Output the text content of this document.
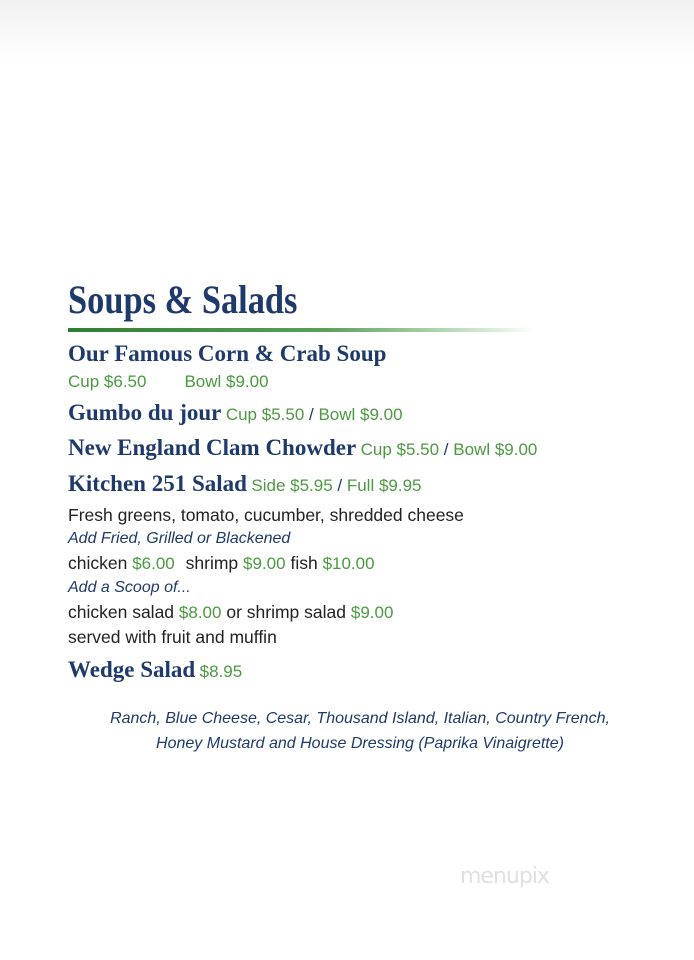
Soups & Salads
Our Famous Corn & Crab Soup
Cup $6.50 Bowl $9.00
Gumbo du jour Cup $5.50 / Bowl $9.00
New England Clam Chowder Cup $5.50 / Bowl $9.00
Kitchen 251 Salad Side $5.95 / Full $9.95
Fresh greens, tomato, cucumber, shredded cheese
Add Fried, Grilled or Blackened
chicken $6.00 shrimp $9.00 fish $10.00
Add a Scoop of...
chicken salad $8.00 or shrimp salad $9.00
served with fruit and muffin
Wedge Salad $8.95
Ranch, Blue Cheese, Cesar, Thousand Island, Italian, Country French,
Honey Mustard and House Dressing (Paprika Vinaigrette)
menupix
